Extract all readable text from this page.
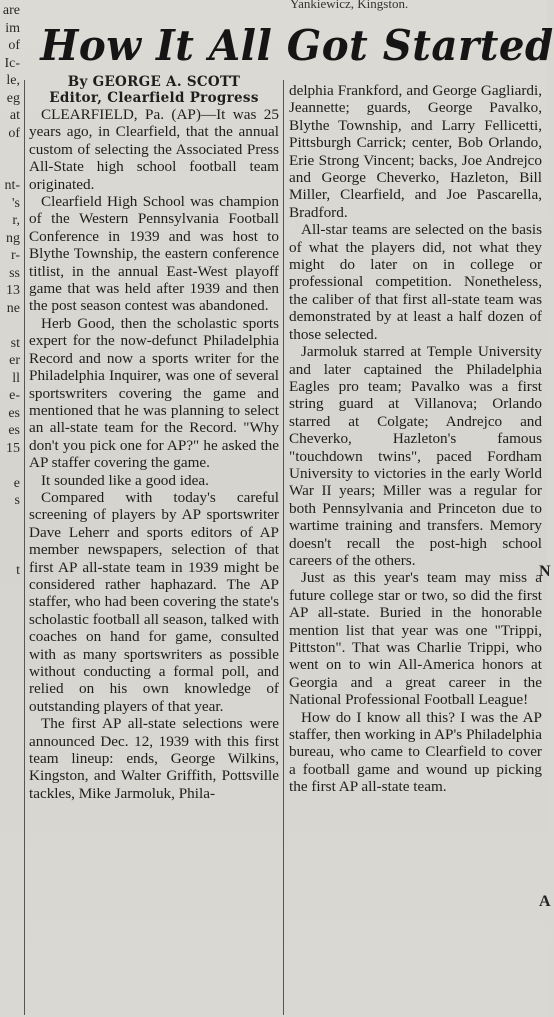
Yankiewicz, Kingston.
are
im
of
Ic-
le,
eg
at
of
nt-
's
r,
ng
r-
ss
13
ne
st
er
ll
e-
es
es
15
e
s
t	N
A
How It All Got Started
By GEORGE A. SCOTT
Editor, Clearfield Progress

CLEARFIELD, Pa. (AP)—It was 25 years ago, in Clearfield, that the annual custom of selecting the Associated Press All-State high school football team originated.

Clearfield High School was champion of the Western Pennsylvania Football Conference in 1939 and was host to Blythe Township, the eastern conference titlist, in the annual East-West playoff game that was held after 1939 and then the post season contest was abandoned.

Herb Good, then the scholastic sports expert for the now-defunct Philadelphia Record and now a sports writer for the Philadelphia Inquirer, was one of several sportswriters covering the game and mentioned that he was planning to select an all-state team for the Record. "Why don't you pick one for AP?" he asked the AP staffer covering the game.

It sounded like a good idea.

Compared with today's careful screening of players by AP sportswriter Dave Leherr and sports editors of AP member newspapers, selection of that first AP all-state team in 1939 might be considered rather haphazard. The AP staffer, who had been covering the state's scholastic football all season, talked with coaches on hand for game, consulted with as many sportswriters as possible without conducting a formal poll, and relied on his own knowledge of outstanding players of that year.

The first AP all-state selections were announced Dec. 12, 1939 with this first team lineup: ends, George Wilkins, Kingston, and Walter Griffith, Pottsville tackles, Mike Jarmoluk, Phila-

delphia Frankford, and George Gagliardi, Jeannette; guards, George Pavalko, Blythe Township, and Larry Fellicetti, Pittsburgh Carrick; center, Bob Orlando, Erie Strong Vincent; backs, Joe Andrejco and George Cheverko, Hazleton, Bill Miller, Clearfield, and Joe Pascarella, Bradford.

All-star teams are selected on the basis of what the players did, not what they might do later on in college or professional competition. Nonetheless, the caliber of that first all-state team was demonstrated by at least a half dozen of those selected.

Jarmoluk starred at Temple University and later captained the Philadelphia Eagles pro team; Pavalko was a first string guard at Villanova; Orlando starred at Colgate; Andrejco and Cheverko, Hazleton's famous "touchdown twins", paced Fordham University to victories in the early World War II years; Miller was a regular for both Pennsylvania and Princeton due to wartime training and transfers. Memory doesn't recall the post-high school careers of the others.

Just as this year's team may miss a future college star or two, so did the first AP all-state. Buried in the honorable mention list that year was one "Trippi, Pittston". That was Charlie Trippi, who went on to win All-America honors at Georgia and a great career in the National Professional Football League!

How do I know all this? I was the AP staffer, then working in AP's Philadelphia bureau, who came to Clearfield to cover a football game and wound up picking the first AP all-state team.
